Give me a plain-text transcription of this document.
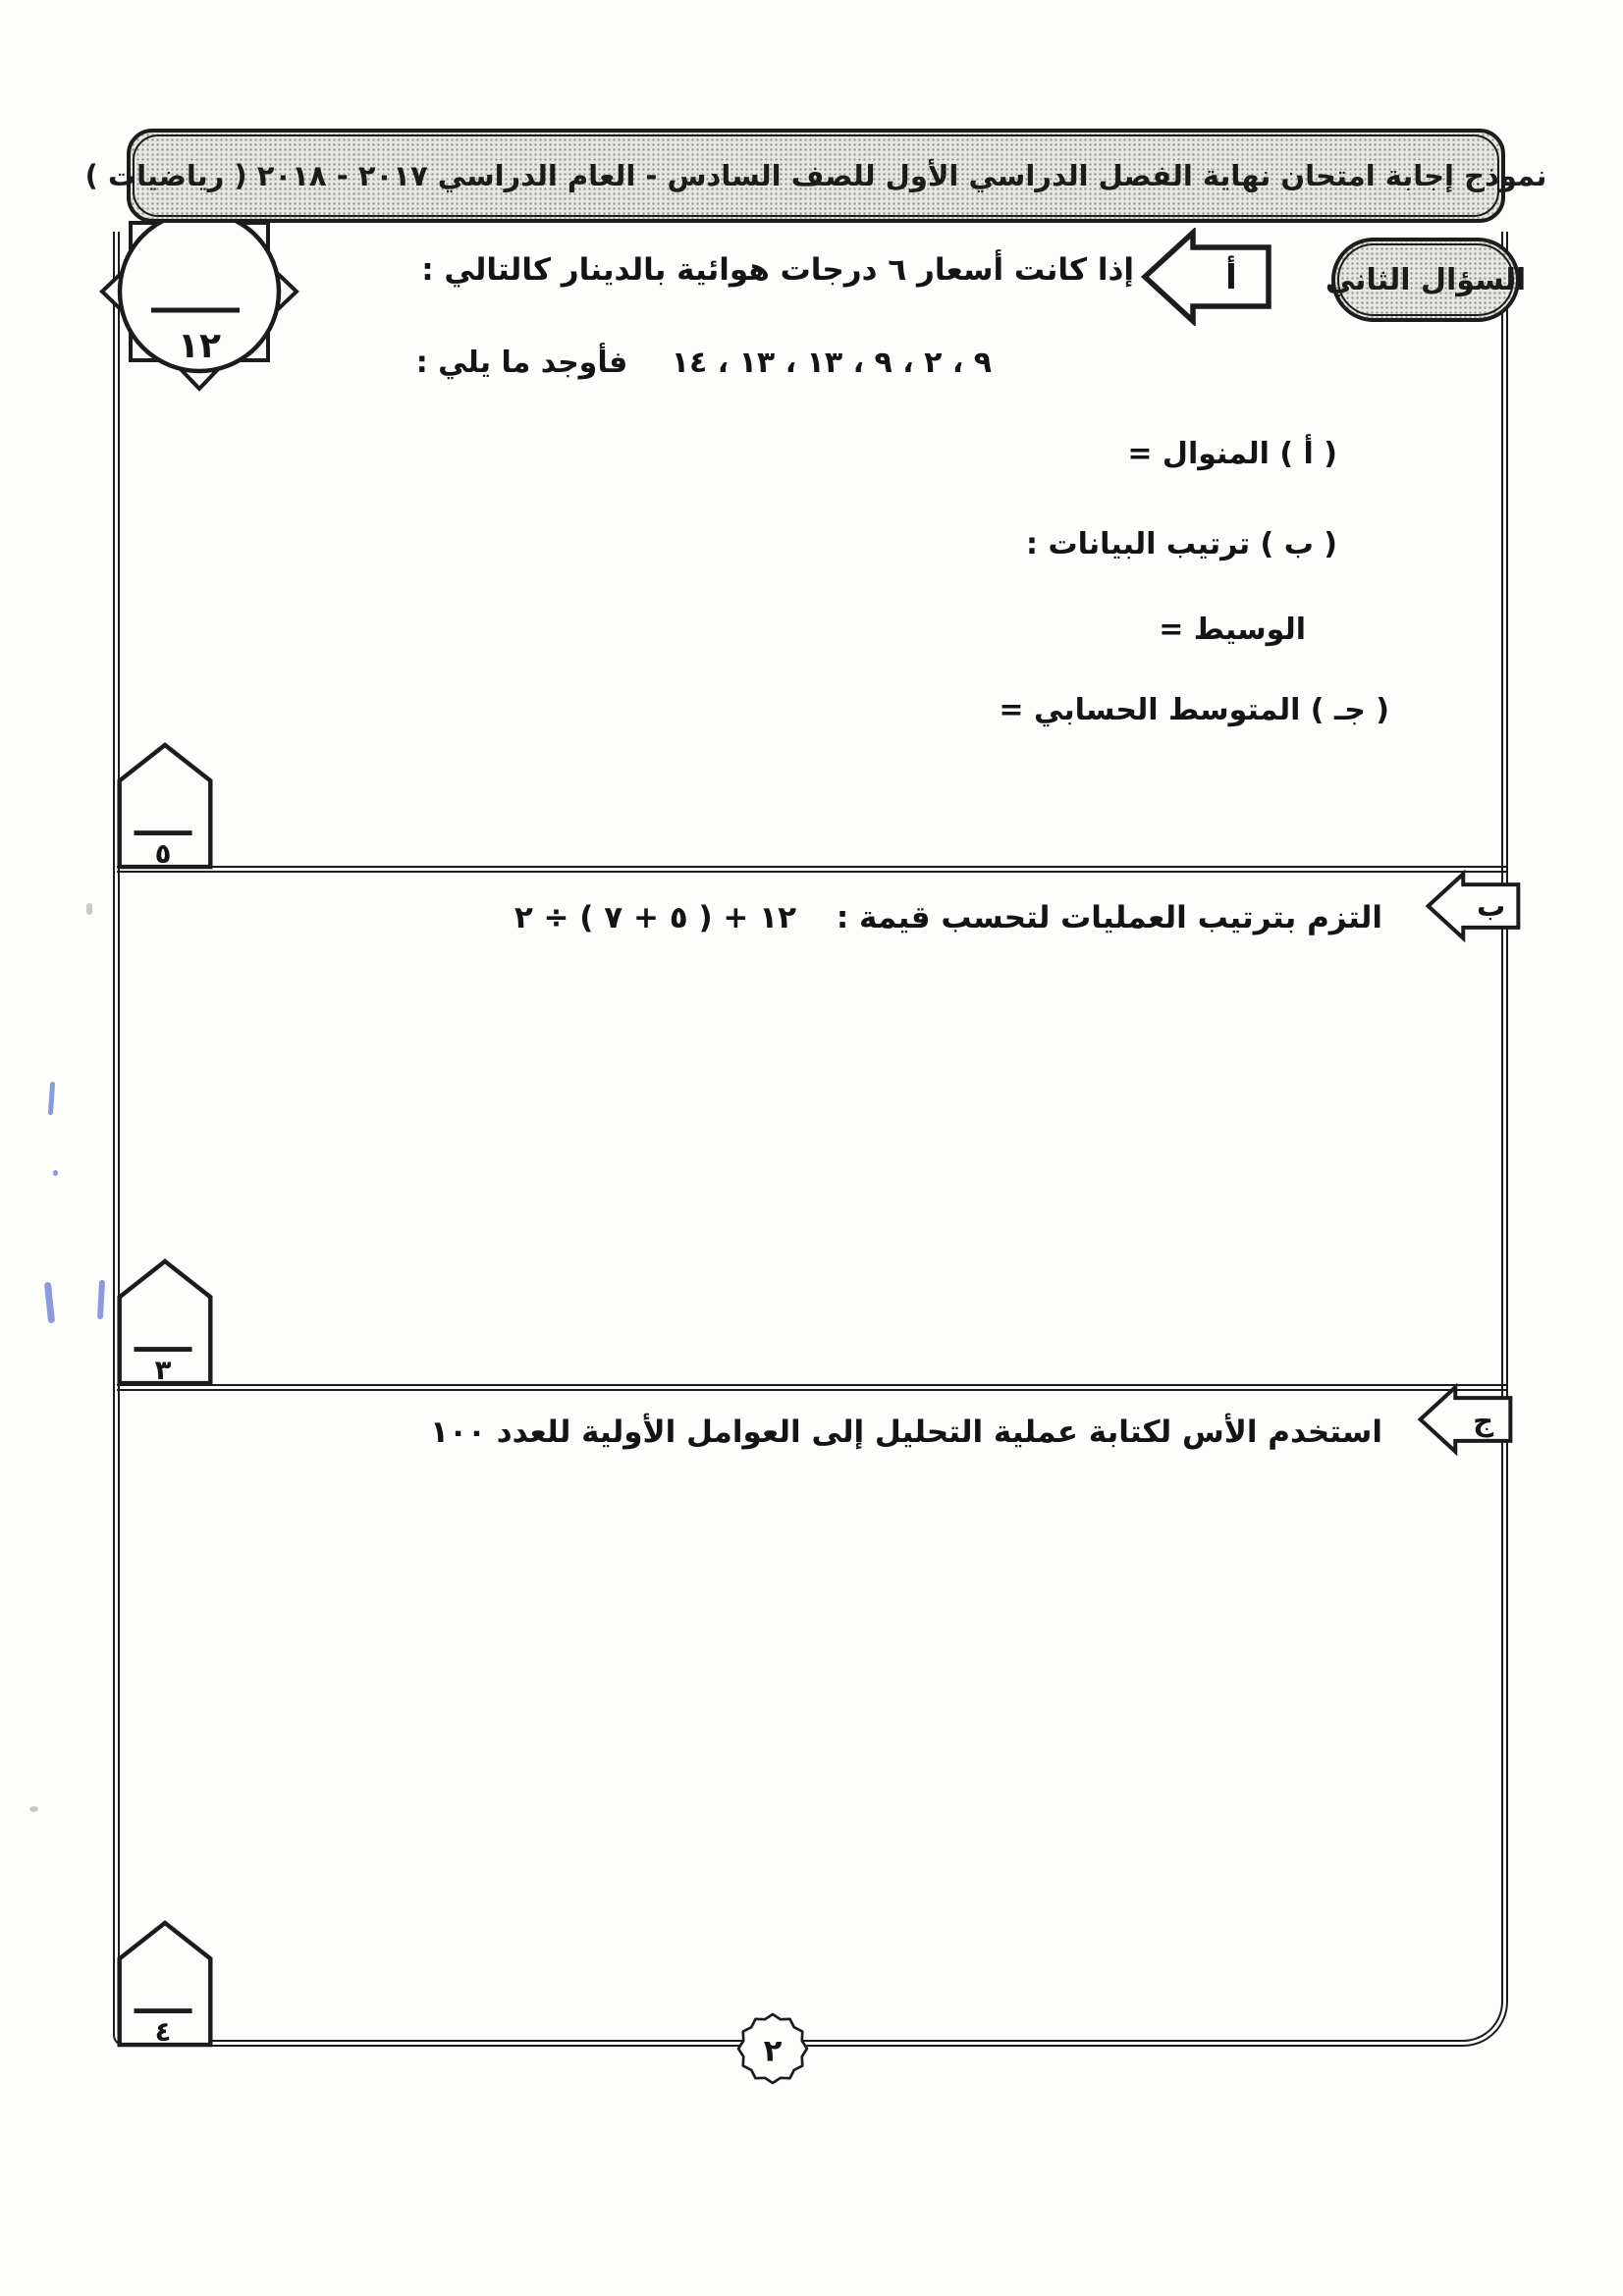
نموذج إجابة امتحان نهاية الفصل الدراسي الأول للصف السادس - العام الدراسي ٢٠١٧ - ٢٠١٨ ( رياضيات )
١٢
السؤال الثاني
أ
ب
ج
٥
٣
٤
إذا كانت أسعار ٦ درجات هوائية بالدينار كالتالي :
٩ ، ٢ ، ٩ ، ١٣ ، ١٣ ، ١٤ فأوجد ما يلي :
( أ ) المنوال =
( ب ) ترتيب البيانات :
الوسيط =
( جـ ) المتوسط الحسابي =
التزم بترتيب العمليات لتحسب قيمة : ١٢ + ( ٥ + ٧ ) ÷ ٢
استخدم الأس لكتابة عملية التحليل إلى العوامل الأولية للعدد ١٠٠
٢
